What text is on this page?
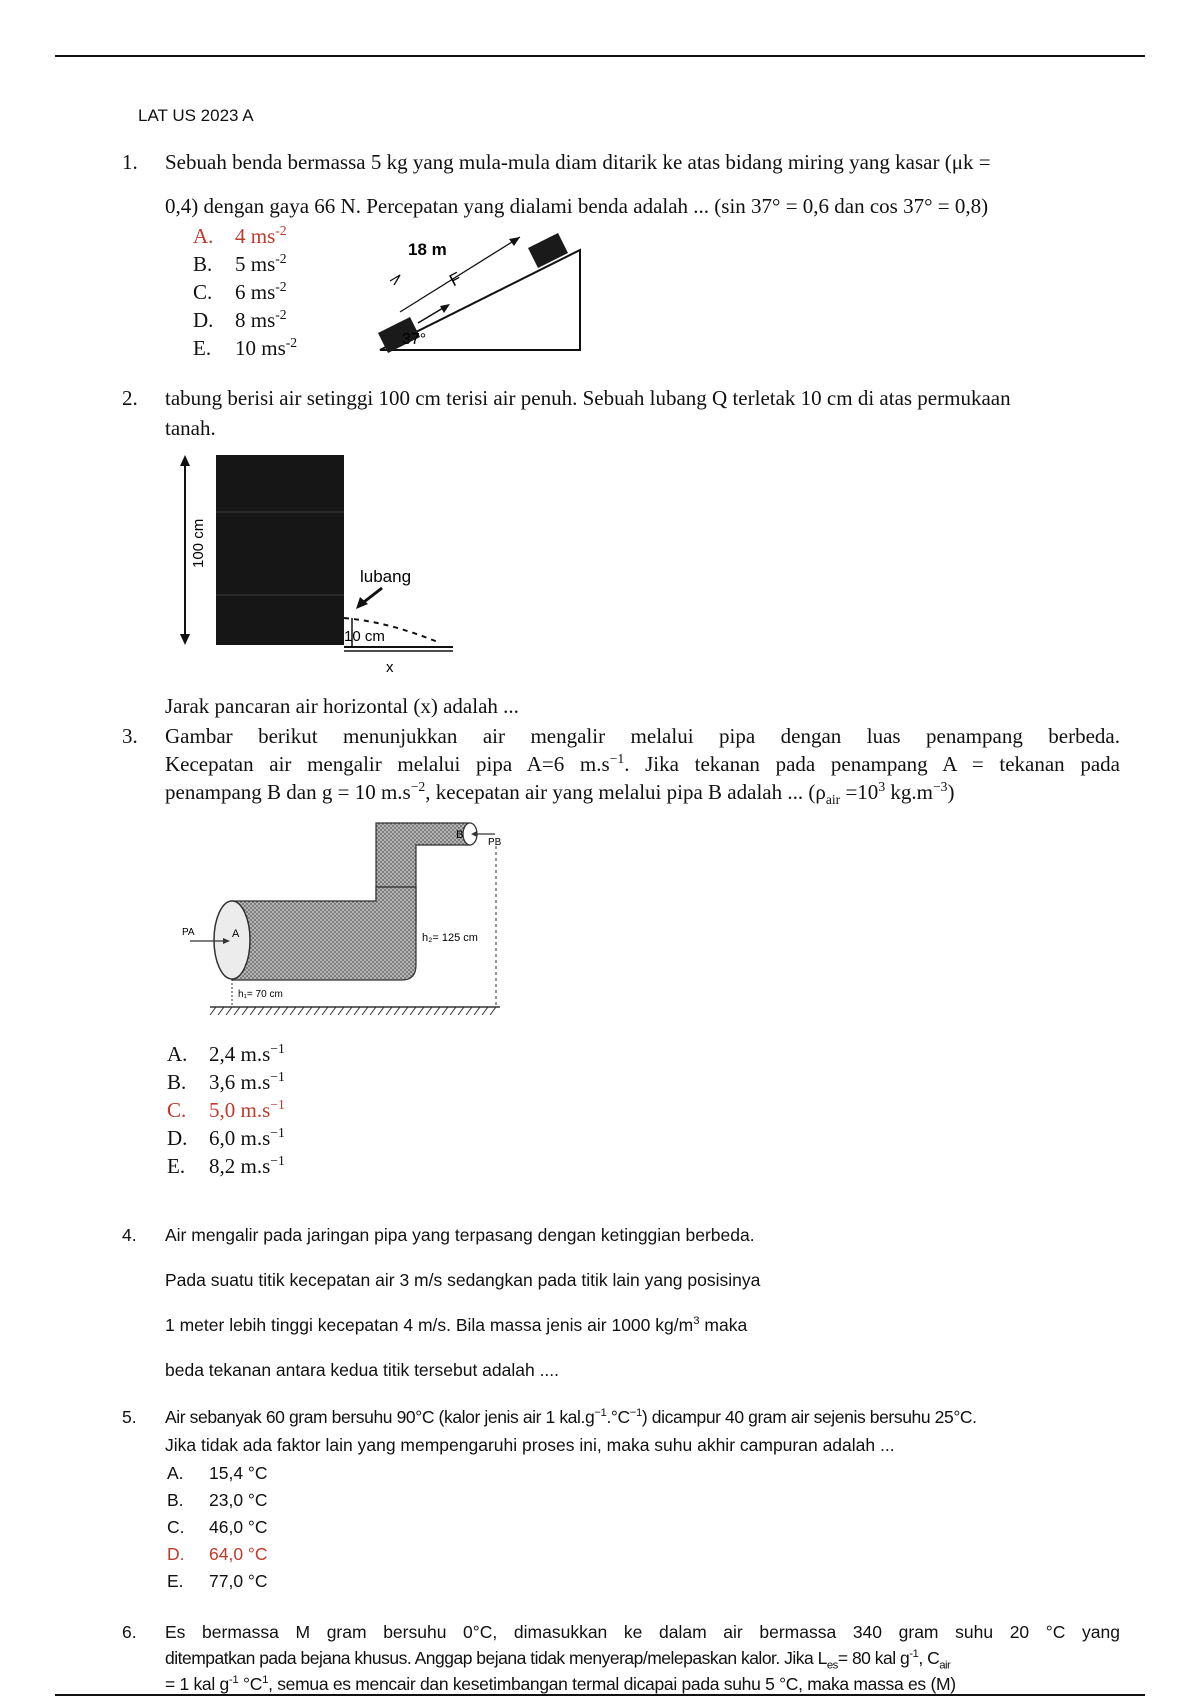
LAT US 2023 A
1.	Sebuah benda bermassa 5 kg yang mula-mula diam ditarik ke atas bidang miring yang kasar (μk =
0,4) dengan gaya 66 N. Percepatan yang dialami benda adalah ... (sin 37° = 0,6 dan cos 37° = 0,8)
A. 4 $ms^{-2}$
B. 5 $ms^{-2}$
C. 6 $ms^{-2}$
D. 8 $ms^{-2}$
E. 10 $ms^{-2}$
18 m
F
37°
2.	tabung berisi air setinggi 100 cm terisi air penuh. Sebuah lubang Q terletak 10 cm di atas permukaan
tanah.
100 cm
lubang
10 cm
x
Jarak pancaran air horizontal (x) adalah ...
3.	Gambar berikut menunjukkan air mengalir melalui pipa dengan luas penampang berbeda.
Kecepatan air mengalir melalui pipa A=6 $m.s^{-1}$. Jika tekanan pada penampang A = tekanan pada
penampang B dan g = 10 $m.s^{-2}$, kecepatan air yang melalui pipa B adalah ... ($\rho_{air} =10^3$ $kg.m^{-3}$)
B
PB
PA	A	h₂= 125 cm
h₁= 70 cm
A. 2,4 $m.s^{-1}$
B. 3,6 $m.s^{-1}$
C. 5,0 $m.s^{-1}$
D. 6,0 $m.s^{-1}$
E. 8,2 $m.s^{-1}$
4.	Air mengalir pada jaringan pipa yang terpasang dengan ketinggian berbeda.
Pada suatu titik kecepatan air 3 m/s sedangkan pada titik lain yang posisinya
1 meter lebih tinggi kecepatan 4 m/s. Bila massa jenis air 1000 $kg/m^3$ maka
beda tekanan antara kedua titik tersebut adalah ....
5.	Air sebanyak 60 gram bersuhu 90°C (kalor jenis air 1 $kal.g^{-1}.^\circ C^{-1}$) dicampur 40 gram air sejenis bersuhu 25°C.
Jika tidak ada faktor lain yang mempengaruhi proses ini, maka suhu akhir campuran adalah ...
A. 15,4 °C
B. 23,0 °C
C. 46,0 °C
D. 64,0 °C
E. 77,0 °C
6.	Es bermassa M gram bersuhu 0°C, dimasukkan ke dalam air bermassa 340 gram suhu 20 °C yang
ditempatkan pada bejana khusus. Anggap bejana tidak menyerap/melepaskan kalor. Jika $L_{es}= 80$ kal $g^{-1}$, $C_{air}$
= 1 kal $g^{-1}$ $^\circ C^1$, semua es mencair dan kesetimbangan termal dicapai pada suhu 5 °C, maka massa es (M)
